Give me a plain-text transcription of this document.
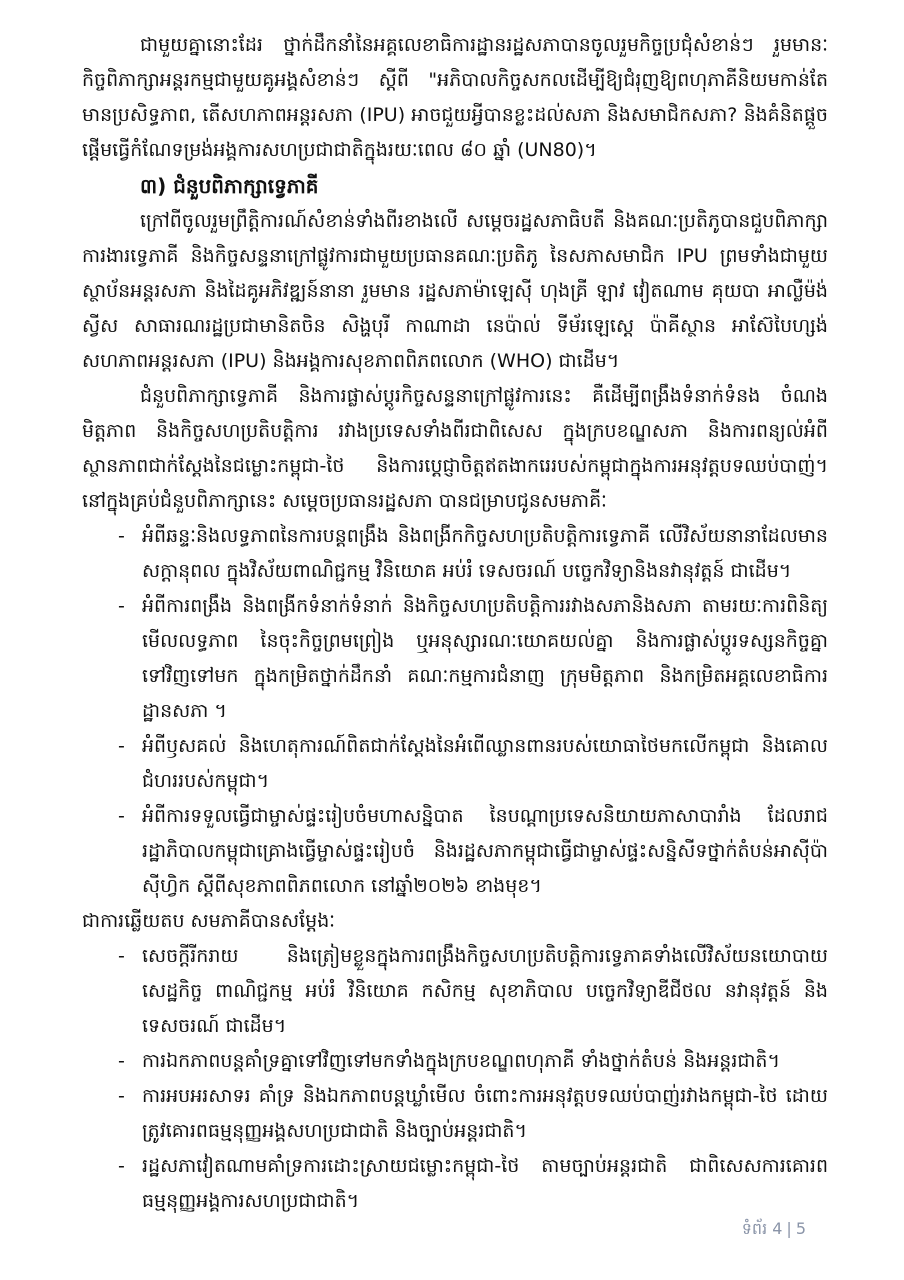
ជាមួយគ្នានោះដែរ ថ្នាក់ដឹកនាំនៃអគ្គលេខាធិការដ្ឋានរដ្ឋសភាបានចូលរួមកិច្ចប្រជុំសំខាន់ៗ រួមមានៈ កិច្ចពិភាក្សាអន្តរកម្មជាមួយគូអង្គសំខាន់ៗ ស្តីពី "អភិបាលកិច្ចសកលដើម្បីឱ្យជំរុញឱ្យពហុភាគីនិយមកាន់តែមានប្រសិទ្ធភាព, តើសហភាពអន្តរសភា (IPU) អាចជួយអ្វីបានខ្លះដល់សភា និងសមាជិកសភា? និងគំនិតផ្តួចផ្តើមធ្វើកំណែទម្រង់អង្គការសហប្រជាជាតិក្នុងរយៈពេល ៨០ ឆ្នាំ (UN80)។

៣) ជំនួបពិភាក្សាទ្វេភាគី

ក្រៅពីចូលរួមព្រឹត្តិការណ៍សំខាន់ទាំងពីរខាងលើ សម្តេចរដ្ឋសភាធិបតី និងគណៈប្រតិភូបានជួបពិភាក្សាការងារទ្វេភាគី និងកិច្ចសន្ទនាក្រៅផ្លូវការជាមួយប្រធានគណៈប្រតិភូ នៃសភាសមាជិក IPU ព្រមទាំងជាមួយស្ថាប័នអន្តរសភា និងដៃគូអភិវឌ្ឍន៍នានា រួមមាន រដ្ឋសភាម៉ាឡេស៊ី ហុងគ្រី ឡាវ វៀតណាម គុយបា អាល្លឺម៉ង់ ស្វីស សាធារណរដ្ឋប្រជាមានិតចិន សិង្ហបុរី កាណាដា នេប៉ាល់ ទីម័រឡេស្តេ ប៉ាគីស្ថាន អាស៊ែបៃហ្សង់ សហភាពអន្តរសភា (IPU) និងអង្គការសុខភាពពិភពលោក (WHO) ជាដើម។

ជំនួបពិភាក្សាទ្វេភាគី និងការផ្លាស់ប្តូរកិច្ចសន្ទនាក្រៅផ្លូវការនេះ គឺដើម្បីពង្រឹងទំនាក់ទំនង ចំណងមិត្តភាព និងកិច្ចសហប្រតិបត្តិការ រវាងប្រទេសទាំងពីរជាពិសេស ក្នុងក្របខណ្ឌសភា និងការពន្យល់អំពីស្ថានភាពជាក់ស្តែងនៃជម្លោះកម្ពុជា-ថៃ និងការប្តេជ្ញាចិត្តឥតងាករេរបស់កម្ពុជាក្នុងការអនុវត្តបទឈប់បាញ់។ នៅក្នុងគ្រប់ជំនួបពិភាក្សានេះ សម្តេចប្រធានរដ្ឋសភា បានជម្រាបជូនសមភាគីៈ

- អំពីឆន្ទៈនិងលទ្ធភាពនៃការបន្តពង្រឹង និងពង្រីកកិច្ចសហប្រតិបត្តិការទ្វេភាគី លើវិស័យនានាដែលមានសក្តានុពល ក្នុងវិស័យពាណិជ្ជកម្ម វិនិយោគ អប់រំ ទេសចរណ៍ បច្ចេកវិទ្យានិងនវានុវត្តន៍ ជាដើម។
- អំពីការពង្រឹង និងពង្រីកទំនាក់ទំនាក់ និងកិច្ចសហប្រតិបត្តិការរវាងសភានិងសភា តាមរយៈការពិនិត្យមើលលទ្ធភាព នៃចុះកិច្ចព្រមព្រៀង ឬអនុស្សារណៈយោគយល់គ្នា និងការផ្លាស់ប្តូរទស្សនកិច្ចគ្នាទៅវិញទៅមក ក្នុងកម្រិតថ្នាក់ដឹកនាំ គណៈកម្មការជំនាញ ក្រុមមិត្តភាព និងកម្រិតអគ្គលេខាធិការដ្ឋានសភា ។
- អំពីឫសគល់ និងហេតុការណ៍ពិតជាក់ស្តែងនៃអំពើឈ្លានពានរបស់យោធាថៃមកលើកម្ពុជា និងគោលជំហររបស់កម្ពុជា។
- អំពីការទទួលធ្វើជាម្ចាស់ផ្ទះរៀបចំមហាសន្និបាត នៃបណ្តាប្រទេសនិយាយភាសាបារាំង ដែលរាជរដ្ឋាភិបាលកម្ពុជាគ្រោងធ្វើម្ចាស់ផ្ទះរៀបចំ និងរដ្ឋសភាកម្ពុជាធ្វើជាម្ចាស់ផ្ទះសន្និសីទថ្នាក់តំបន់អាស៊ីប៉ាស៊ីហ្វិក ស្តីពីសុខភាពពិភពលោក នៅឆ្នាំ២០២៦ ខាងមុខ។

ជាការឆ្លើយតប សមភាគីបានសម្តែងៈ

- សេចក្តីរីករាយ និងត្រៀមខ្លួនក្នុងការពង្រឹងកិច្ចសហប្រតិបត្តិការទ្វេភាគទាំងលើវិស័យនយោបាយ សេដ្ឋកិច្ច ពាណិជ្ជកម្ម អប់រំ វិនិយោគ កសិកម្ម សុខាភិបាល បច្ចេកវិទ្យាឌីជីថល នវានុវត្តន៍ និងទេសចរណ៍ ជាដើម។
- ការឯកភាពបន្តគាំទ្រគ្នាទៅវិញទៅមកទាំងក្នុងក្របខណ្ឌពហុភាគី ទាំងថ្នាក់តំបន់ និងអន្តរជាតិ។
- ការអបអរសាទរ គាំទ្រ និងឯកភាពបន្តឃ្លាំមើល ចំពោះការអនុវត្តបទឈប់បាញ់រវាងកម្ពុជា-ថៃ ដោយត្រូវគោរពធម្មនុញ្ញអង្គសហប្រជាជាតិ និងច្បាប់អន្តរជាតិ។
- រដ្ឋសភាវៀតណាមគាំទ្រការដោះស្រាយជម្លោះកម្ពុជា-ថៃ តាមច្បាប់អន្តរជាតិ ជាពិសេសការគោរពធម្មនុញ្ញអង្គការសហប្រជាជាតិ។
ទំព័រ 4 | 5
